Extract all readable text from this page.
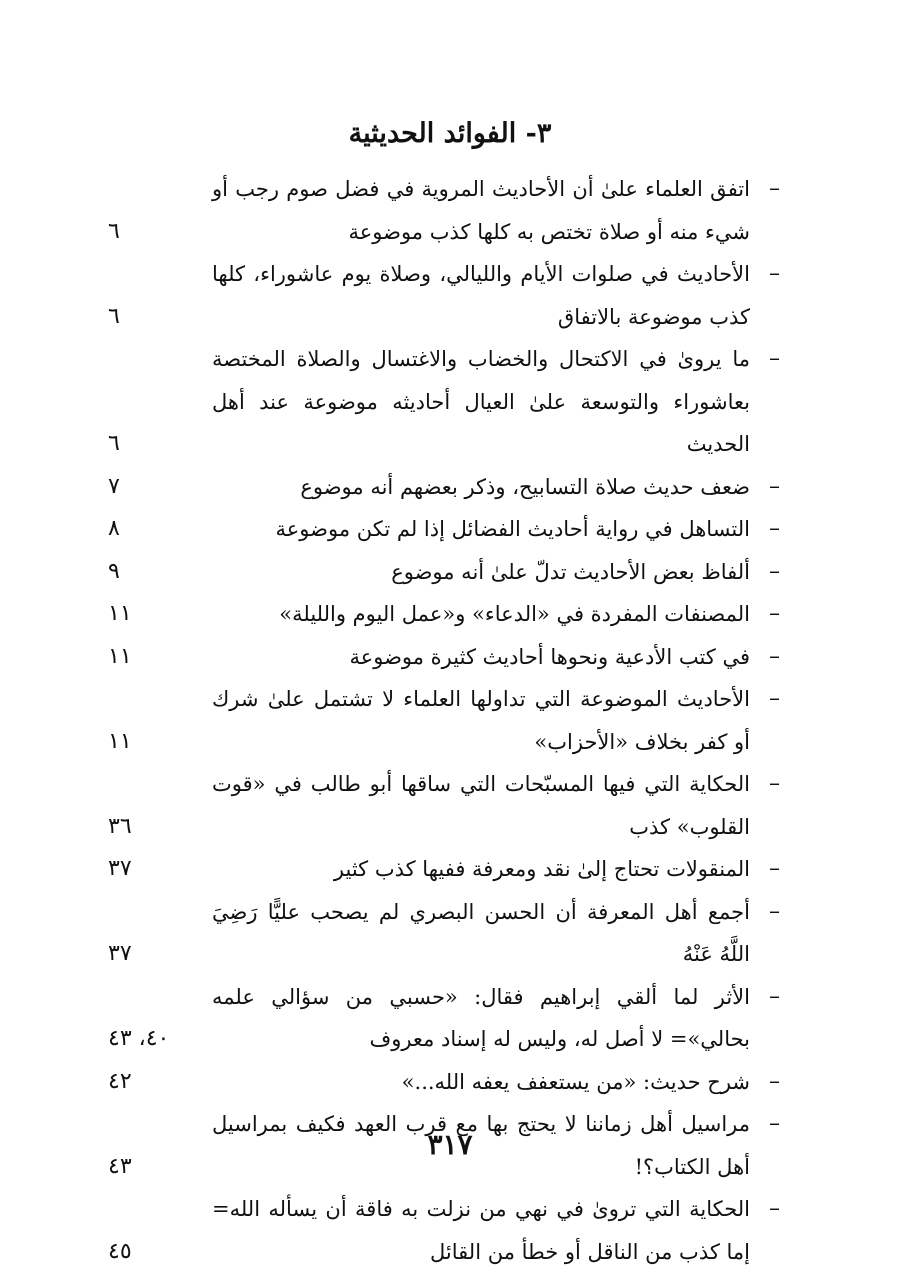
٣- الفوائد الحديثية
–
اتفق العلماء علىٰ أن الأحاديث المروية في فضل صوم رجب أو شيء منه أو صلاة تختص به كلها كذب موضوعة
٦
–
الأحاديث في صلوات الأيام والليالي، وصلاة يوم عاشوراء، كلها كذب موضوعة بالاتفاق
٦
–
ما يروىٰ في الاكتحال والخضاب والاغتسال والصلاة المختصة بعاشوراء والتوسعة علىٰ العيال أحاديثه موضوعة عند أهل الحديث
٦
–
ضعف حديث صلاة التسابيح، وذكر بعضهم أنه موضوع
٧
–
التساهل في رواية أحاديث الفضائل إذا لم تكن موضوعة
٨
–
ألفاظ بعض الأحاديث تدلّ علىٰ أنه موضوع
٩
–
المصنفات المفردة في «الدعاء» و«عمل اليوم والليلة»
١١
–
في كتب الأدعية ونحوها أحاديث كثيرة موضوعة
١١
–
الأحاديث الموضوعة التي تداولها العلماء لا تشتمل علىٰ شرك أو كفر بخلاف «الأحزاب»
١١
–
الحكاية التي فيها المسبّحات التي ساقها أبو طالب في «قوت القلوب» كذب
٣٦
–
المنقولات تحتاج إلىٰ نقد ومعرفة ففيها كذب كثير
٣٧
–
أجمع أهل المعرفة أن الحسن البصري لم يصحب عليًّا رَضِيَ اللَّهُ عَنْهُ
٣٧
–
الأثر لما ألقي إبراهيم فقال: «حسبي من سؤالي علمه بحالي»= لا أصل له، وليس له إسناد معروف
٤٠، ٤٣
–
شرح حديث: «من يستعفف يعفه الله...»
٤٢
–
مراسيل أهل زماننا لا يحتج بها مع قرب العهد فكيف بمراسيل أهل الكتاب؟!
٤٣
–
الحكاية التي تروىٰ في نهي من نزلت به فاقة أن يسأله الله= إما كذب من الناقل أو خطأ من القائل
٤٥
٣١٧
